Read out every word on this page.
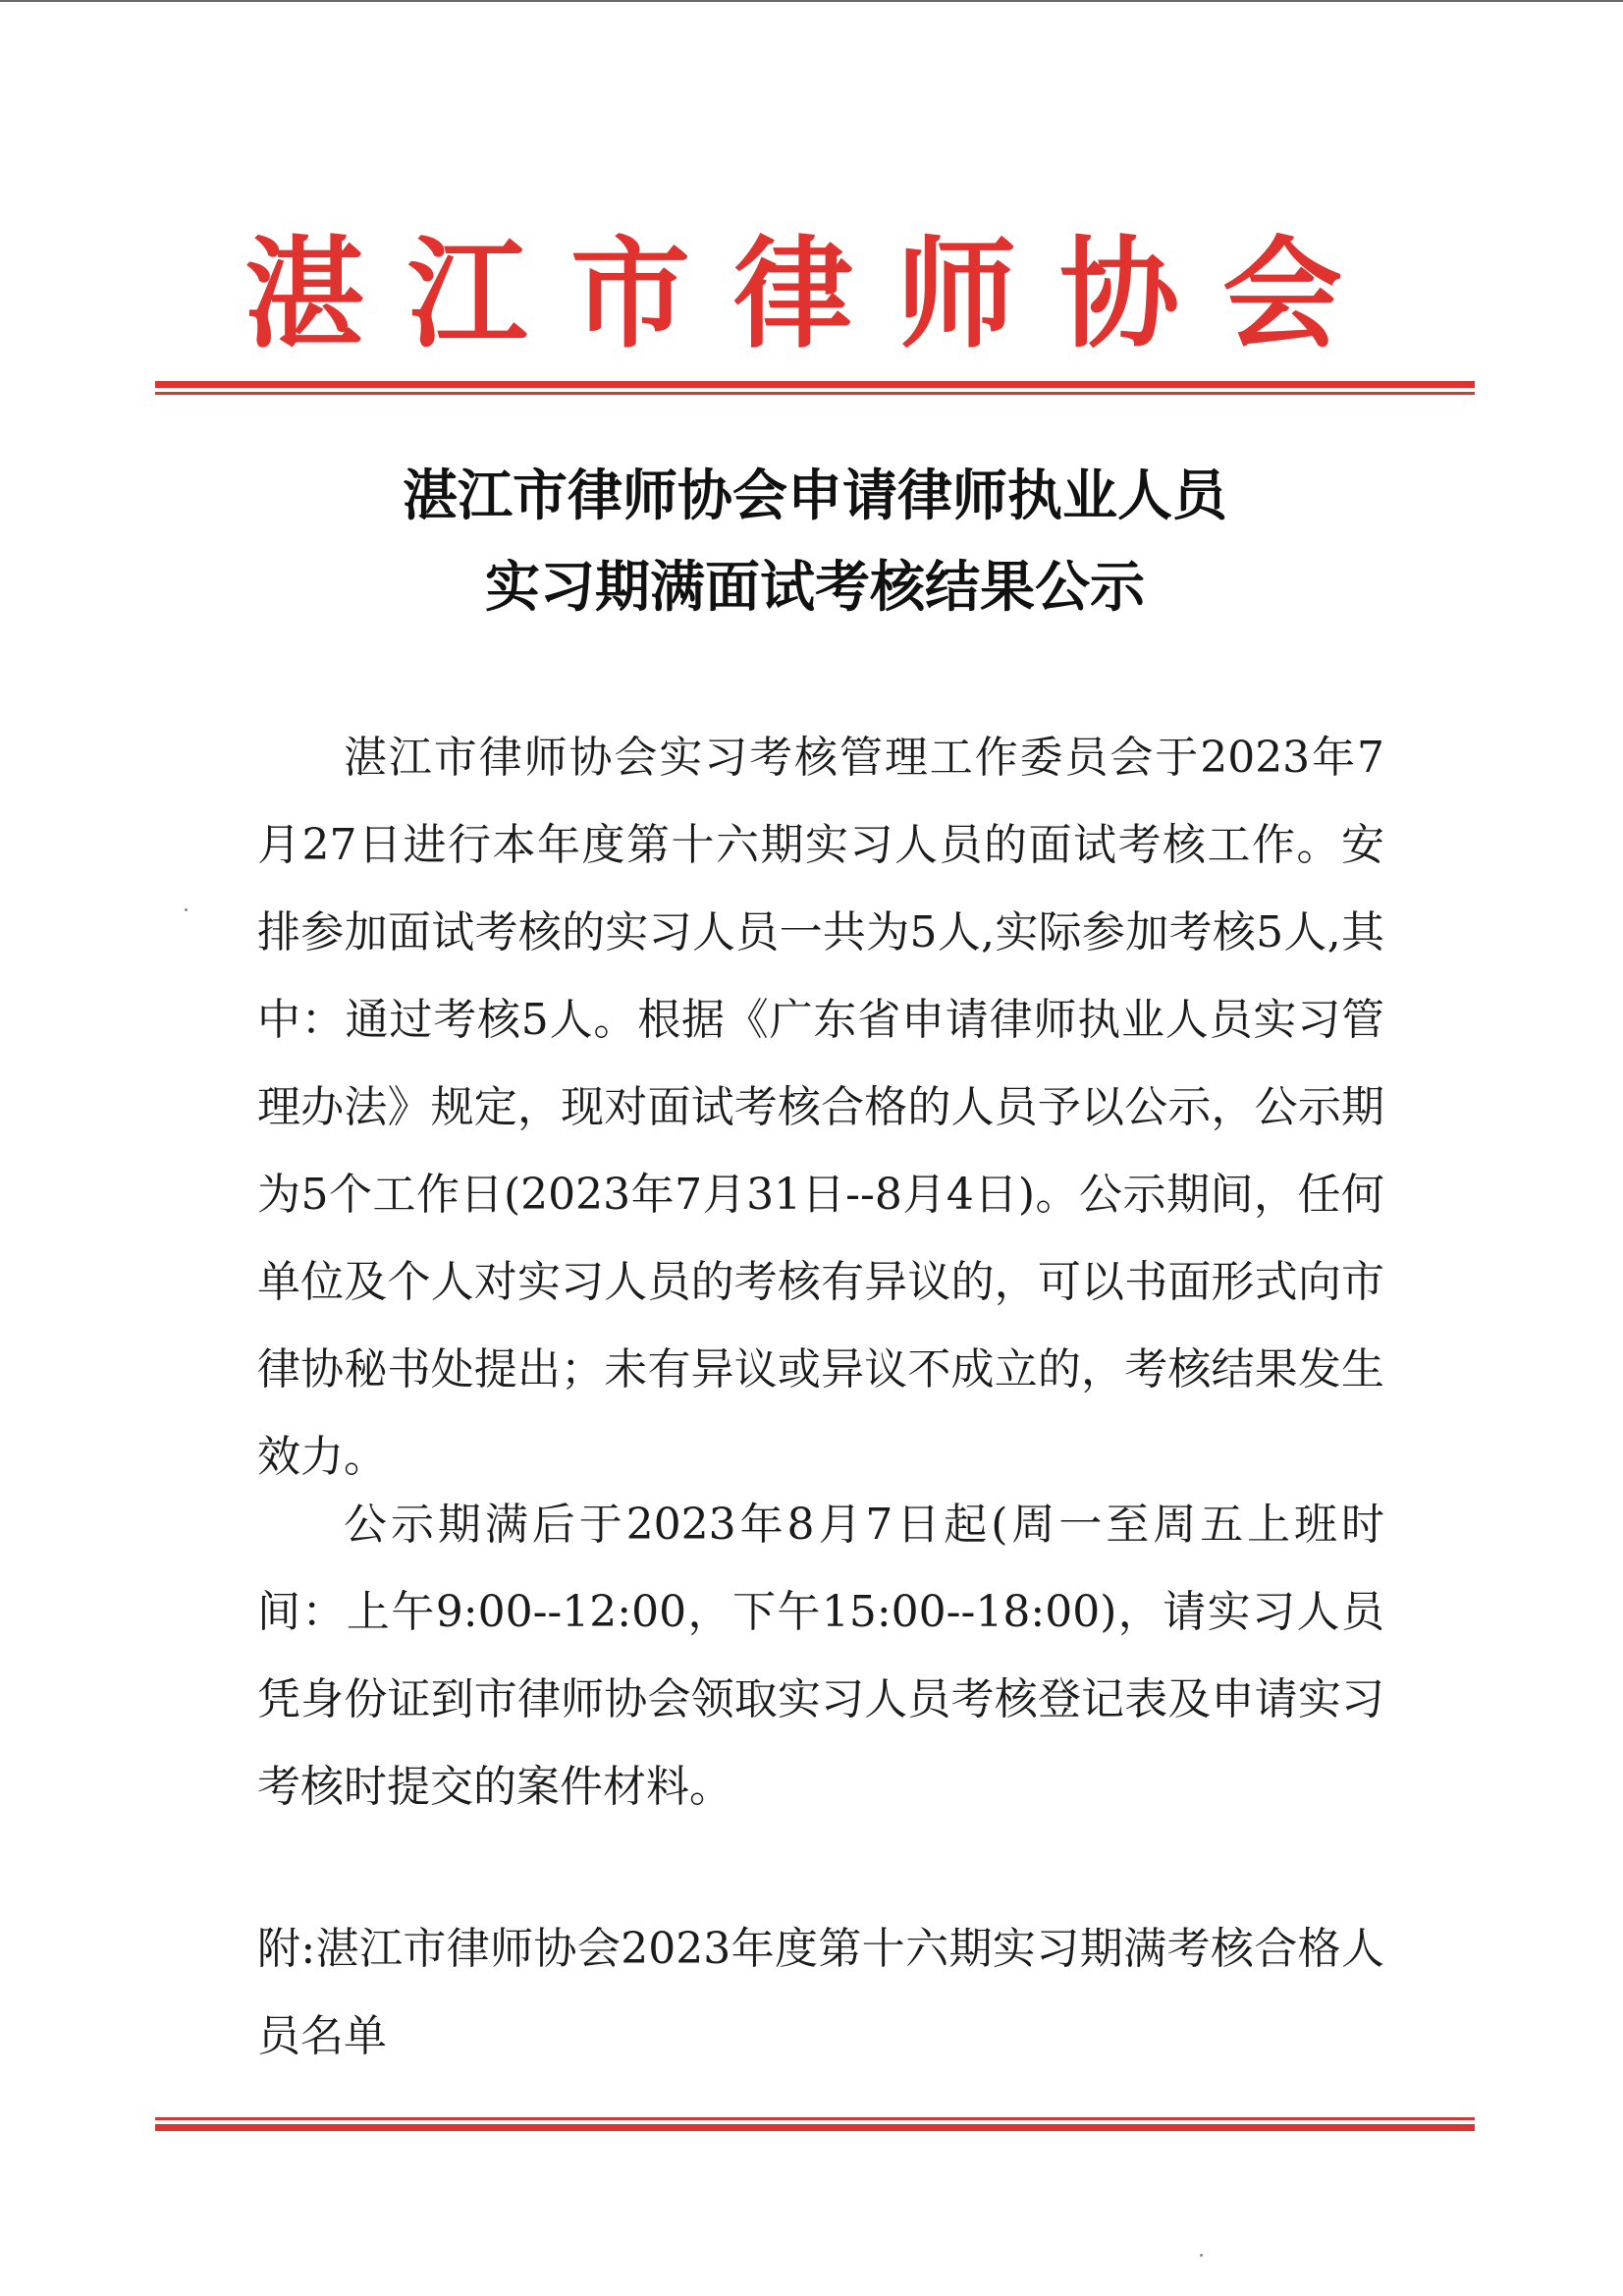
湛江市律师协会
湛江市律师协会申请律师执业人员
实习期满面试考核结果公示

湛江市律师协会实习考核管理工作委员会于2023年7月27日进行本年度第十六期实习人员的面试考核工作。安排参加面试考核的实习人员一共为5人,实际参加考核5人,其中：通过考核5人。根据《广东省申请律师执业人员实习管理办法》规定，现对面试考核合格的人员予以公示，公示期为5个工作日(2023年7月31日--8月4日)。公示期间，任何单位及个人对实习人员的考核有异议的，可以书面形式向市律协秘书处提出；未有异议或异议不成立的，考核结果发生效力。

公示期满后于2023年8月7日起(周一至周五上班时间：上午9:00--12:00，下午15:00--18:00)，请实习人员凭身份证到市律师协会领取实习人员考核登记表及申请实习考核时提交的案件材料。

附:湛江市律师协会2023年度第十六期实习期满考核合格人员名单
